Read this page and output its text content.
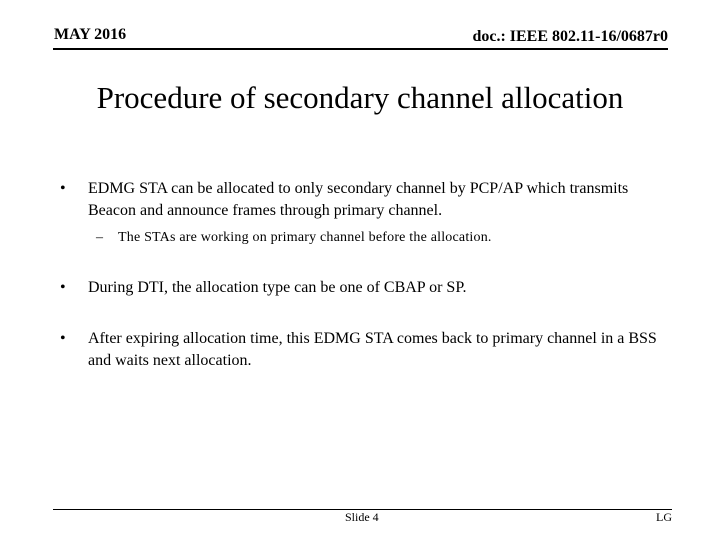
MAY 2016	doc.: IEEE 802.11-16/0687r0
Procedure of secondary channel allocation
• EDMG STA can be allocated to only secondary channel by PCP/AP which transmits Beacon and announce frames through primary channel.
– The STAs are working on primary channel before the allocation.
• During DTI, the allocation type can be one of CBAP or SP.
• After expiring allocation time, this EDMG STA comes back to primary channel in a BSS and waits next allocation.
Slide 4	LG
